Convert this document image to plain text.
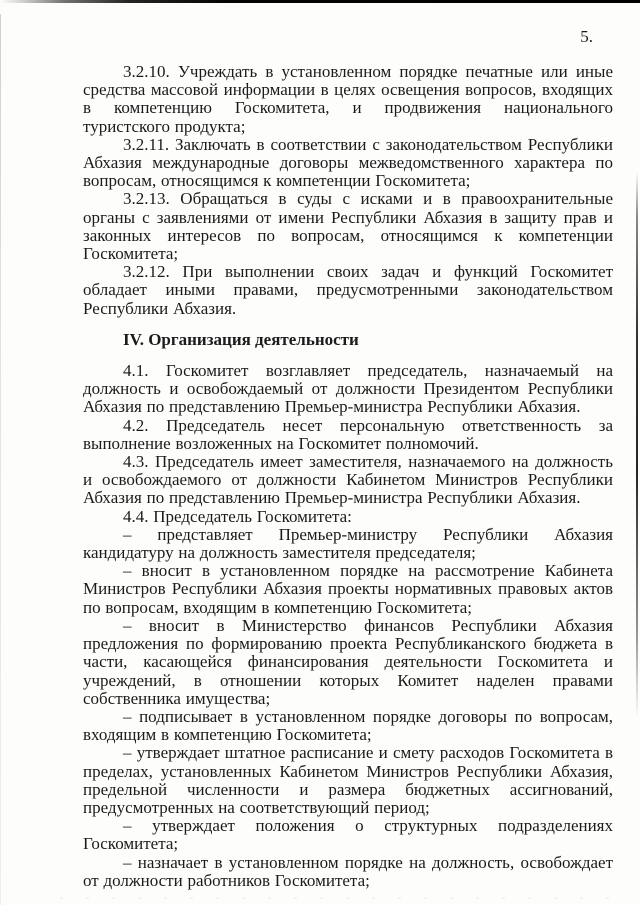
5.

3.2.10. Учреждать в установленном порядке печатные или иные средства массовой информации в целях освещения вопросов, входящих в компетенцию Госкомитета, и продвижения национального туристского продукта;

3.2.11. Заключать в соответствии с законодательством Республики Абхазия международные договоры межведомственного характера по вопросам, относящимся к компетенции Госкомитета;

3.2.13. Обращаться в суды с исками и в правоохранительные органы с заявлениями от имени Республики Абхазия в защиту прав и законных интересов по вопросам, относящимся к компетенции Госкомитета;

3.2.12. При выполнении своих задач и функций Госкомитет обладает иными правами, предусмотренными законодательством Республики Абхазия.

IV. Организация деятельности

4.1. Госкомитет возглавляет председатель, назначаемый на должность и освобождаемый от должности Президентом Республики Абхазия по представлению Премьер-министра Республики Абхазия.

4.2. Председатель несет персональную ответственность за выполнение возложенных на Госкомитет полномочий.

4.3. Председатель имеет заместителя, назначаемого на должность и освобождаемого от должности Кабинетом Министров Республики Абхазия по представлению Премьер-министра Республики Абхазия.

4.4. Председатель Госкомитета:

– представляет Премьер-министру Республики Абхазия кандидатуру на должность заместителя председателя;

– вносит в установленном порядке на рассмотрение Кабинета Министров Республики Абхазия проекты нормативных правовых актов по вопросам, входящим в компетенцию Госкомитета;

– вносит в Министерство финансов Республики Абхазия предложения по формированию проекта Республиканского бюджета в части, касающейся финансирования деятельности Госкомитета и учреждений, в отношении которых Комитет наделен правами собственника имущества;

– подписывает в установленном порядке договоры по вопросам, входящим в компетенцию Госкомитета;

– утверждает штатное расписание и смету расходов Госкомитета в пределах, установленных Кабинетом Министров Республики Абхазия, предельной численности и размера бюджетных ассигнований, предусмотренных на соответствующий период;

– утверждает положения о структурных подразделениях Госкомитета;

– назначает в установленном порядке на должность, освобождает от должности работников Госкомитета;
